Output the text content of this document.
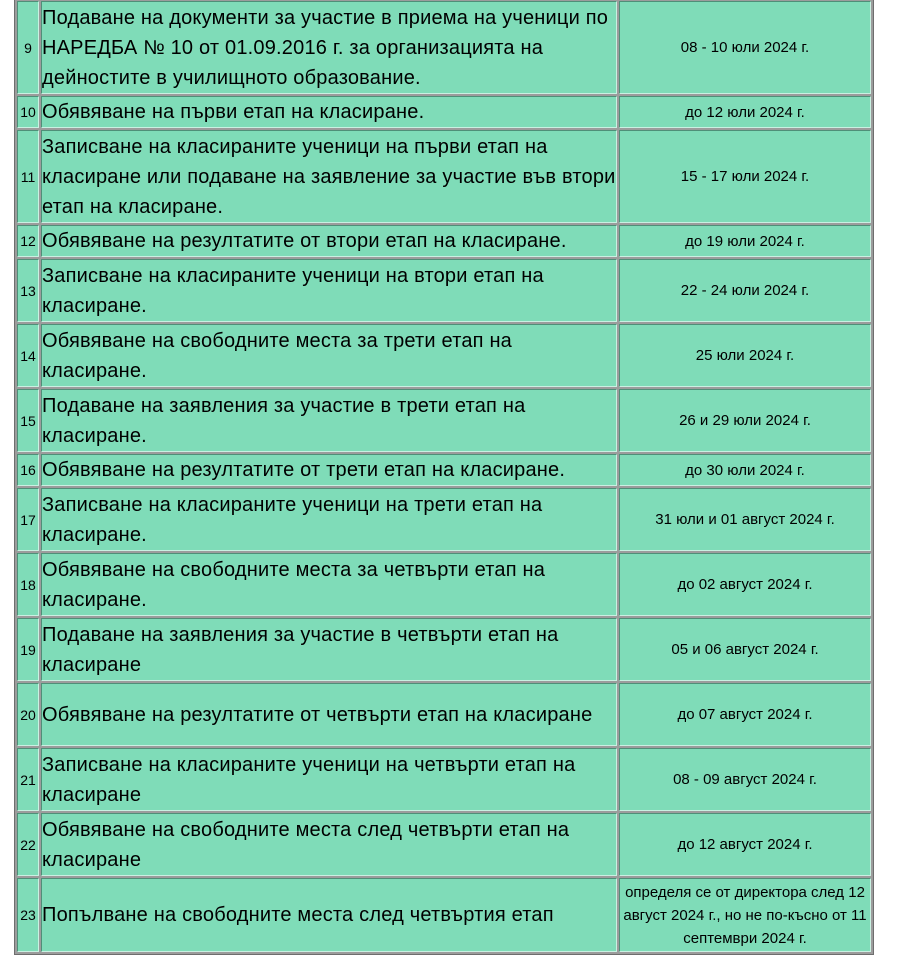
9	Подаване на документи за участие в приема на ученици по НАРЕДБА № 10 от 01.09.2016 г. за организацията на дейностите в училищното образование.	08 - 10 юли 2024 г.
10	Обявяване на първи етап на класиране.	до 12 юли 2024 г.
11	Записване на класираните ученици на първи етап на класиране или подаване на заявление за участие във втори етап на класиране.	15 - 17 юли 2024 г.
12	Обявяване на резултатите от втори етап на класиране.	до 19 юли 2024 г.
13	Записване на класираните ученици на втори етап на класиране.	22 - 24 юли 2024 г.
14	Обявяване на свободните места за трети етап на класиране.	25 юли 2024 г.
15	Подаване на заявления за участие в трети етап на класиране.	26 и 29 юли 2024 г.
16	Обявяване на резултатите от трети етап на класиране.	до 30 юли 2024 г.
17	Записване на класираните ученици на трети етап на класиране.	31 юли и 01 август 2024 г.
18	Обявяване на свободните места за четвърти етап на класиране.	до 02 август 2024 г.
19	Подаване на заявления за участие в четвърти етап на класиране	05 и 06 август 2024 г.
20	Обявяване на резултатите от четвърти етап на класиране	до 07 август 2024 г.
21	Записване на класираните ученици на четвърти етап на класиране	08 - 09 август 2024 г.
22	Обявяване на свободните места след четвърти етап на класиране	до 12 август 2024 г.
23	Попълване на свободните места след четвъртия етап	определя се от директора след 12 август 2024 г., но не по-късно от 11 септември 2024 г.
